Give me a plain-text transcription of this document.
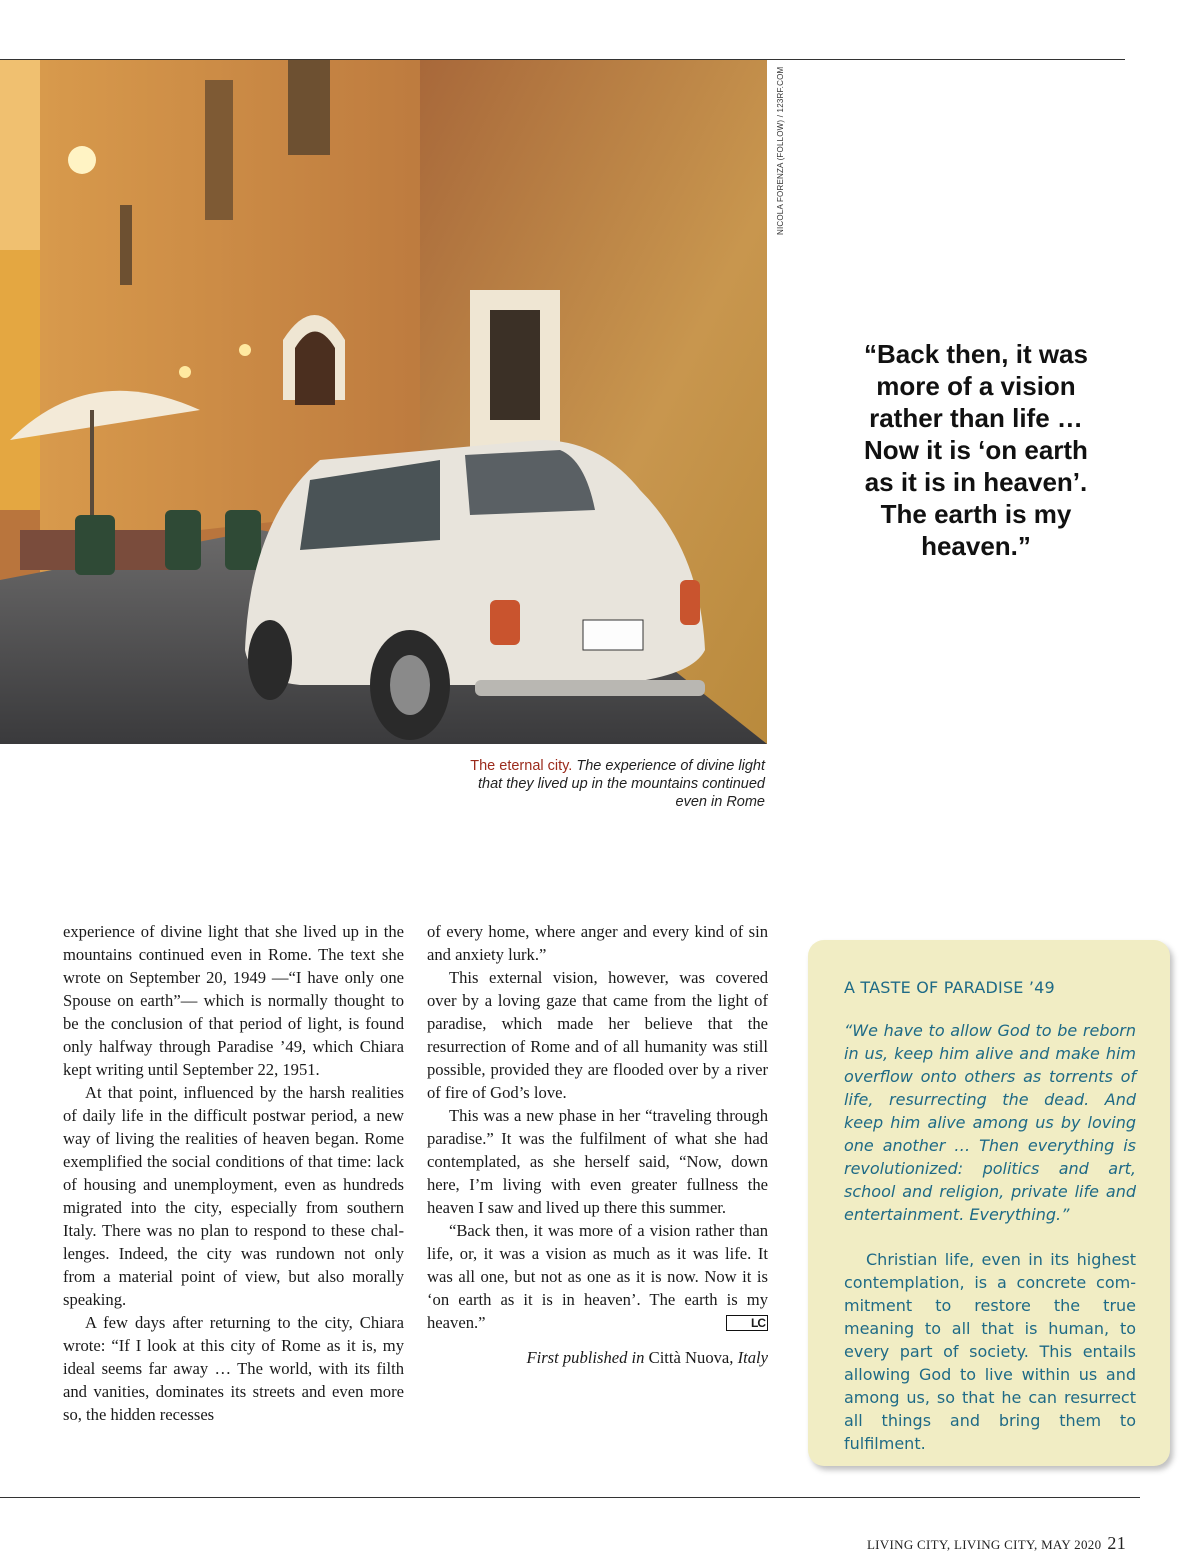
NICOLA FORENZA (FOLLOW) / 123RF.COM
The eternal city. The experience of divine light that they lived up in the mountains continued even in Rome
“Back then, it was more of a vision rather than life … Now it is ‘on earth as it is in heaven’. The earth is my heaven.”

experience of divine light that she lived up in the mountains continued even in Rome. The text she wrote on September 20, 1949 —“I have only one Spouse on earth”— which is normally thought to be the conclusion of that period of light, is found only halfway through Paradise ’49, which Chiara kept writing until September 22, 1951.

At that point, influenced by the harsh realities of daily life in the difficult postwar period, a new way of living the realities of heaven began. Rome exemplified the social conditions of that time: lack of housing and unemployment, even as hundreds migrated into the city, especially from southern Italy. There was no plan to respond to these challenges. Indeed, the city was rundown not only from a material point of view, but also morally speaking.

A few days after returning to the city, Chiara wrote: “If I look at this city of Rome as it is, my ideal seems far away … The world, with its filth and vanities, dominates its streets and even more so, the hidden recesses

of every home, where anger and every kind of sin and anxiety lurk.”

This external vision, however, was covered over by a loving gaze that came from the light of paradise, which made her believe that the resurrection of Rome and of all humanity was still possible, provided they are flooded over by a river of fire of God’s love.

This was a new phase in her “traveling through paradise.” It was the fulfilment of what she had contemplated, as she herself said, “Now, down here, I’m living with even greater fullness the heaven I saw and lived up there this summer.

“Back then, it was more of a vision rather than life, or, it was a vision as much as it was life. It was all one, but not as one as it is now. Now it is ‘on earth as it is in heaven’. The earth is my heaven.”	LC

First published in Città Nuova, Italy

A TASTE OF PARADISE ’49

“We have to allow God to be reborn in us, keep him alive and make him overflow onto others as torrents of life, resurrecting the dead. And keep him alive among us by loving one another … Then everything is revolutionized: politics and art, school and religion, private life and entertainment. Everything.”

Christian life, even in its highest contemplation, is a concrete commitment to restore the true meaning to all that is human, to every part of society. This entails allowing God to live within us and among us, so that he can resurrect all things and bring them to fulfilment.

LIVING CITY, LIVING CITY, MAY 2020 21
